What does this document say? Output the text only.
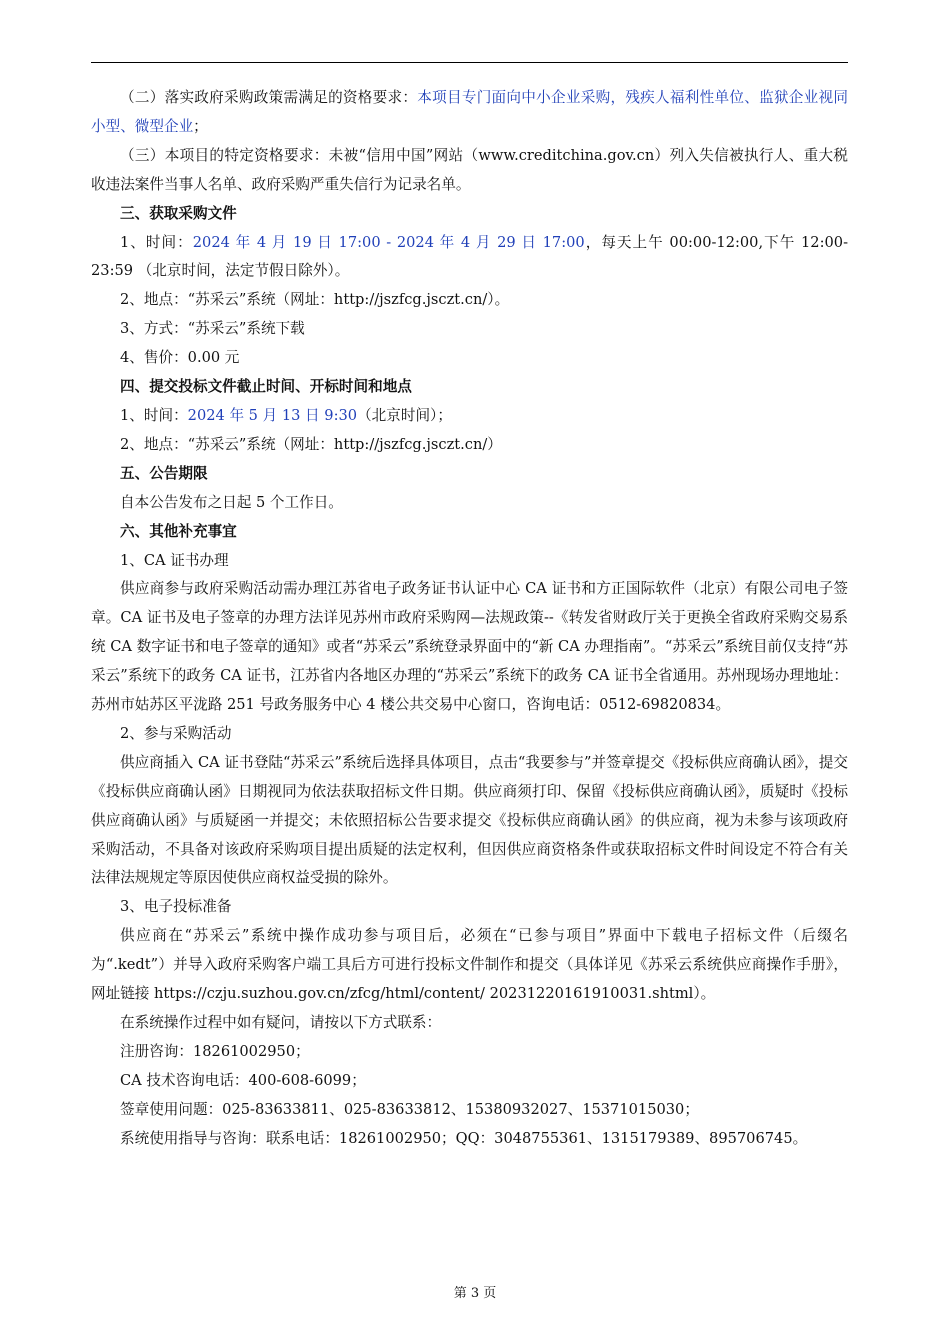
（二）落实政府采购政策需满足的资格要求：本项目专门面向中小企业采购，残疾人福利性单位、监狱企业视同小型、微型企业；

（三）本项目的特定资格要求：未被“信用中国”网站（www.creditchina.gov.cn）列入失信被执行人、重大税收违法案件当事人名单、政府采购严重失信行为记录名单。

三、获取采购文件

1、时间：2024 年 4 月 19 日 17:00 - 2024 年 4 月 29 日 17:00，每天上午 00:00-12:00,下午 12:00-23:59 （北京时间，法定节假日除外）。

2、地点：“苏采云”系统（网址：http://jszfcg.jsczt.cn/）。

3、方式：“苏采云”系统下载

4、售价：0.00 元

四、提交投标文件截止时间、开标时间和地点

1、时间：2024 年 5 月 13 日 9:30（北京时间）；

2、地点：“苏采云”系统（网址：http://jszfcg.jsczt.cn/）

五、公告期限

自本公告发布之日起 5 个工作日。

六、其他补充事宜

1、CA 证书办理

供应商参与政府采购活动需办理江苏省电子政务证书认证中心 CA 证书和方正国际软件（北京）有限公司电子签章。CA 证书及电子签章的办理方法详见苏州市政府采购网—法规政策--《转发省财政厅关于更换全省政府采购交易系统 CA 数字证书和电子签章的通知》或者“苏采云”系统登录界面中的“新 CA 办理指南”。“苏采云”系统目前仅支持“苏采云”系统下的政务 CA 证书，江苏省内各地区办理的“苏采云”系统下的政务 CA 证书全省通用。苏州现场办理地址：苏州市姑苏区平泷路 251 号政务服务中心 4 楼公共交易中心窗口，咨询电话：0512-69820834。

2、参与采购活动

供应商插入 CA 证书登陆“苏采云”系统后选择具体项目，点击“我要参与”并签章提交《投标供应商确认函》，提交《投标供应商确认函》日期视同为依法获取招标文件日期。供应商须打印、保留《投标供应商确认函》，质疑时《投标供应商确认函》与质疑函一并提交；未依照招标公告要求提交《投标供应商确认函》的供应商，视为未参与该项政府采购活动，不具备对该政府采购项目提出质疑的法定权利，但因供应商资格条件或获取招标文件时间设定不符合有关法律法规规定等原因使供应商权益受损的除外。

3、电子投标准备

供应商在“苏采云”系统中操作成功参与项目后，必须在“已参与项目”界面中下载电子招标文件（后缀名为“.kedt”）并导入政府采购客户端工具后方可进行投标文件制作和提交（具体详见《苏采云系统供应商操作手册》，网址链接 https://czju.suzhou.gov.cn/zfcg/html/content/ 20231220161910031.shtml）。

在系统操作过程中如有疑问，请按以下方式联系：

注册咨询：18261002950；

CA 技术咨询电话：400-608-6099；

签章使用问题：025-83633811、025-83633812、15380932027、15371015030；

系统使用指导与咨询：联系电话：18261002950；QQ：3048755361、1315179389、895706745。

第 3 页
